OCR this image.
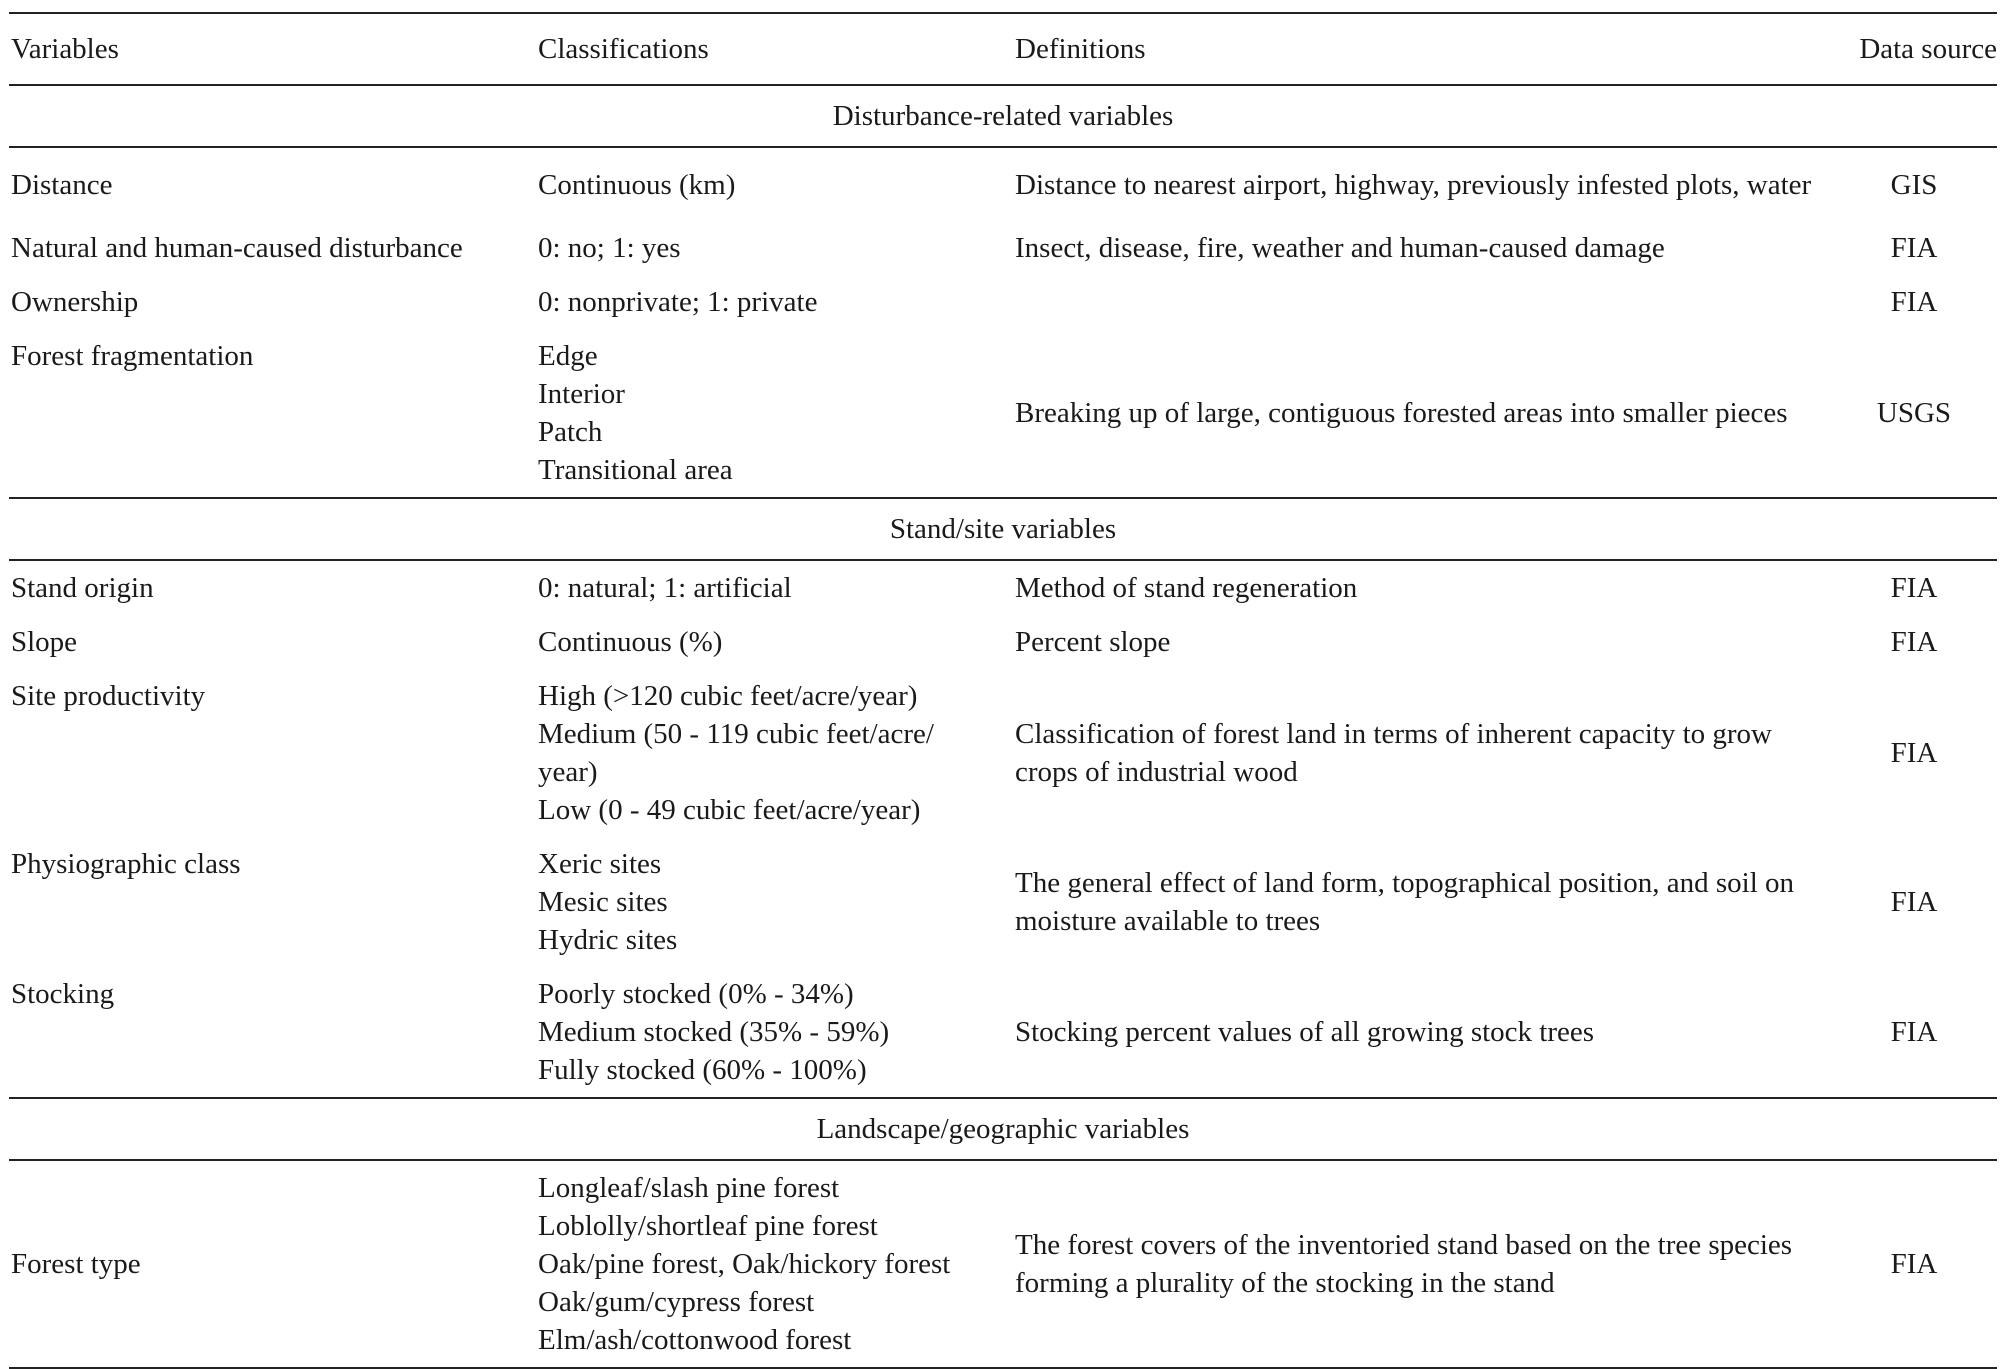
Variables	Classifications	Definitions	Data source
Disturbance-related variables			
Distance	Continuous (km)	Distance to nearest airport, highway, previously infested plots, water	GIS
Natural and human-caused disturbance	0: no; 1: yes	Insect, disease, fire, weather and human-caused damage	FIA
Ownership	0: nonprivate; 1: private		FIA
Forest fragmentation	Edge
Interior
Patch
Transitional area	Breaking up of large, contiguous forested areas into smaller pieces	USGS
Stand/site variables			
Stand origin	0: natural; 1: artificial	Method of stand regeneration	FIA
Slope	Continuous (%)	Percent slope	FIA
Site productivity	High (>120 cubic feet/acre/year)
Medium (50 - 119 cubic feet/acre/
year)
Low (0 - 49 cubic feet/acre/year)	Classification of forest land in terms of inherent capacity to grow crops of industrial wood	FIA
Physiographic class	Xeric sites
Mesic sites
Hydric sites	The general effect of land form, topographical position, and soil on moisture available to trees	FIA
Stocking	Poorly stocked (0% - 34%)
Medium stocked (35% - 59%)
Fully stocked (60% - 100%)	Stocking percent values of all growing stock trees	FIA
Landscape/geographic variables			
Forest type	Longleaf/slash pine forest
Loblolly/shortleaf pine forest
Oak/pine forest, Oak/hickory forest
Oak/gum/cypress forest
Elm/ash/cottonwood forest	The forest covers of the inventoried stand based on the tree species forming a plurality of the stocking in the stand	FIA
